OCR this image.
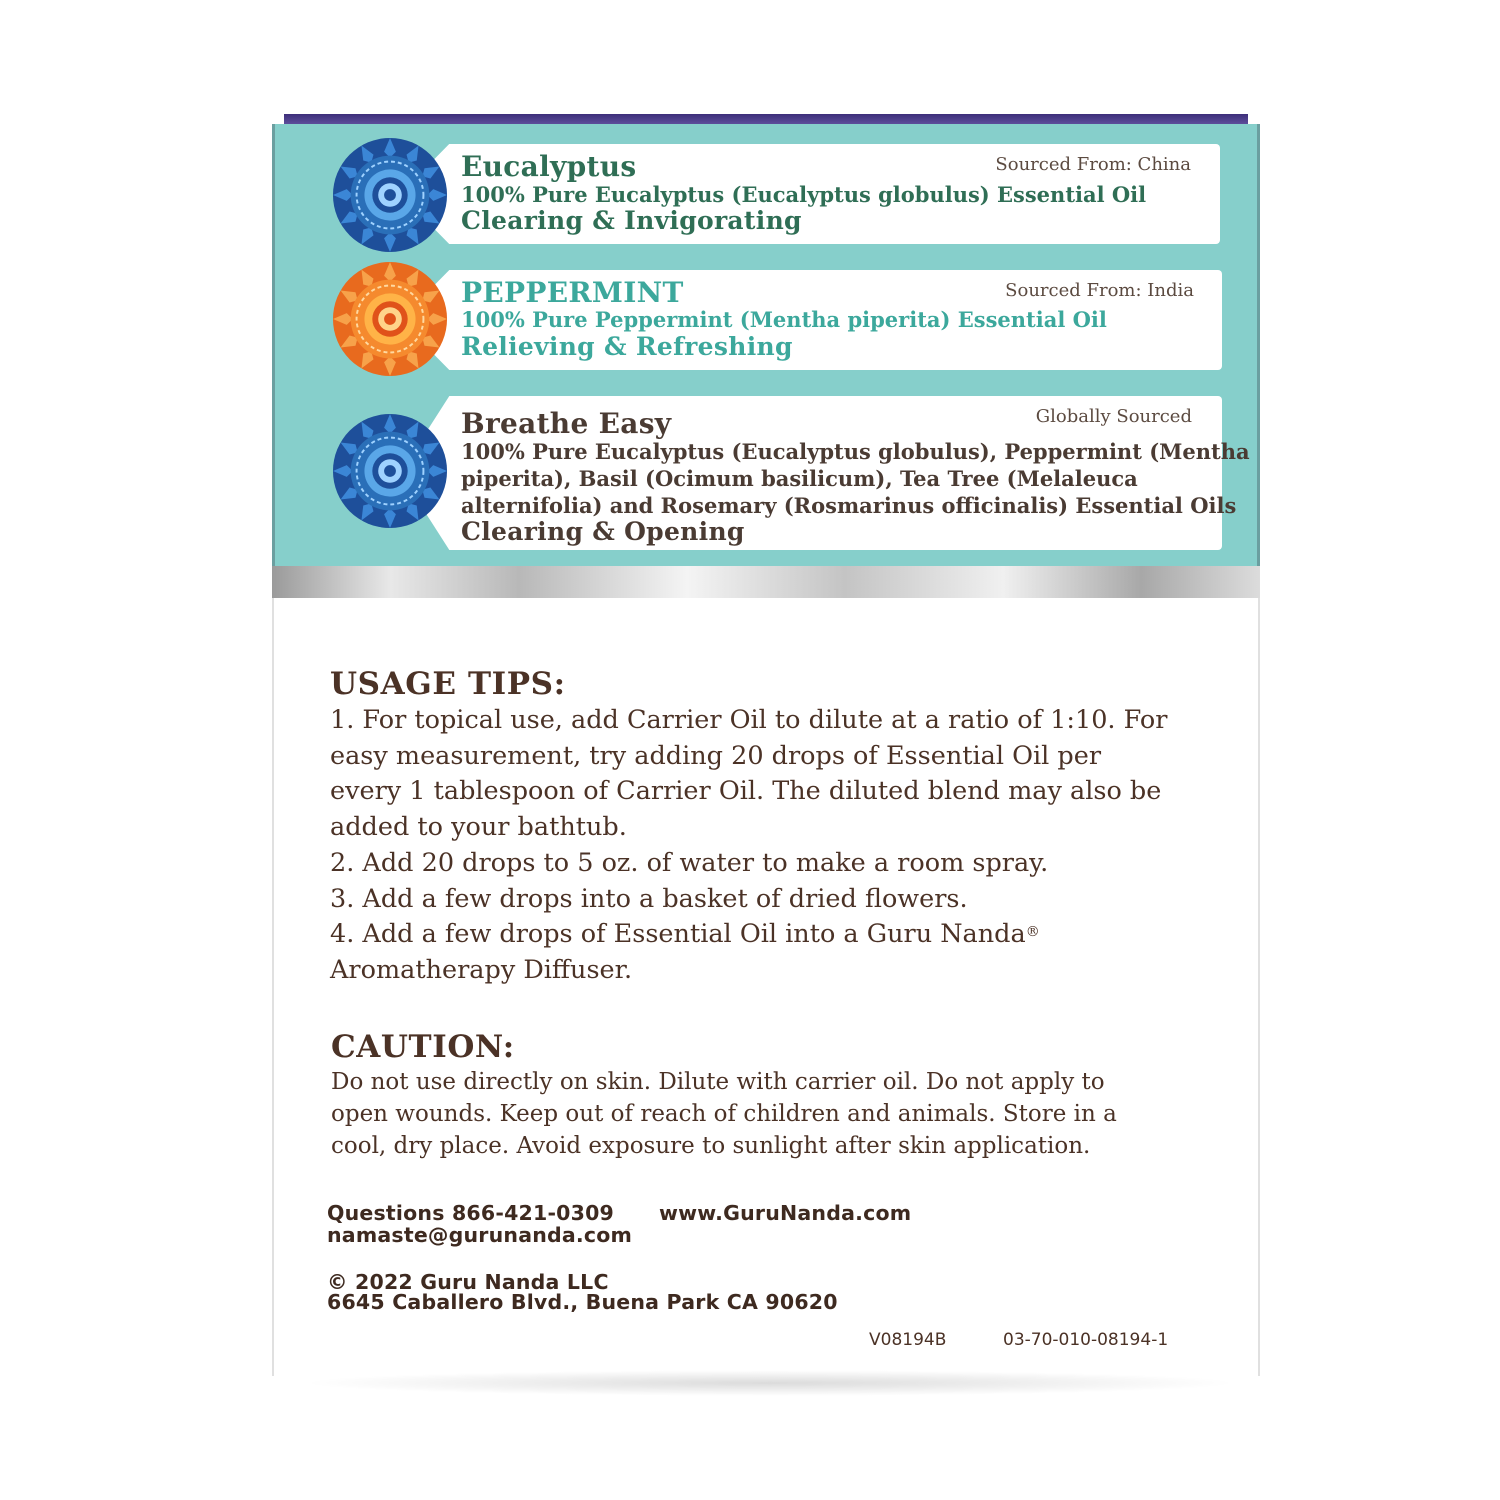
Eucalyptus	Sourced From: China
100% Pure Eucalyptus (Eucalyptus globulus) Essential Oil
Clearing & Invigorating
PEPPERMINT	Sourced From: India
100% Pure Peppermint (Mentha piperita) Essential Oil
Relieving & Refreshing
Breathe Easy	Globally Sourced
100% Pure Eucalyptus (Eucalyptus globulus), Peppermint (Mentha
piperita), Basil (Ocimum basilicum), Tea Tree (Melaleuca
alternifolia) and Rosemary (Rosmarinus officinalis) Essential Oils
Clearing & Opening
USAGE TIPS:
1. For topical use, add Carrier Oil to dilute at a ratio of 1:10. For
easy measurement, try adding 20 drops of Essential Oil per
every 1 tablespoon of Carrier Oil. The diluted blend may also be
added to your bathtub.
2. Add 20 drops to 5 oz. of water to make a room spray.
3. Add a few drops into a basket of dried flowers.
4. Add a few drops of Essential Oil into a Guru Nanda®
Aromatherapy Diffuser.
CAUTION:
Do not use directly on skin. Dilute with carrier oil. Do not apply to
open wounds. Keep out of reach of children and animals. Store in a
cool, dry place. Avoid exposure to sunlight after skin application.
Questions 866-421-0309
namaste@gurunanda.com
www.GuruNanda.com
© 2022 Guru Nanda LLC
6645 Caballero Blvd., Buena Park CA 90620
V08194B	03-70-010-08194-1
